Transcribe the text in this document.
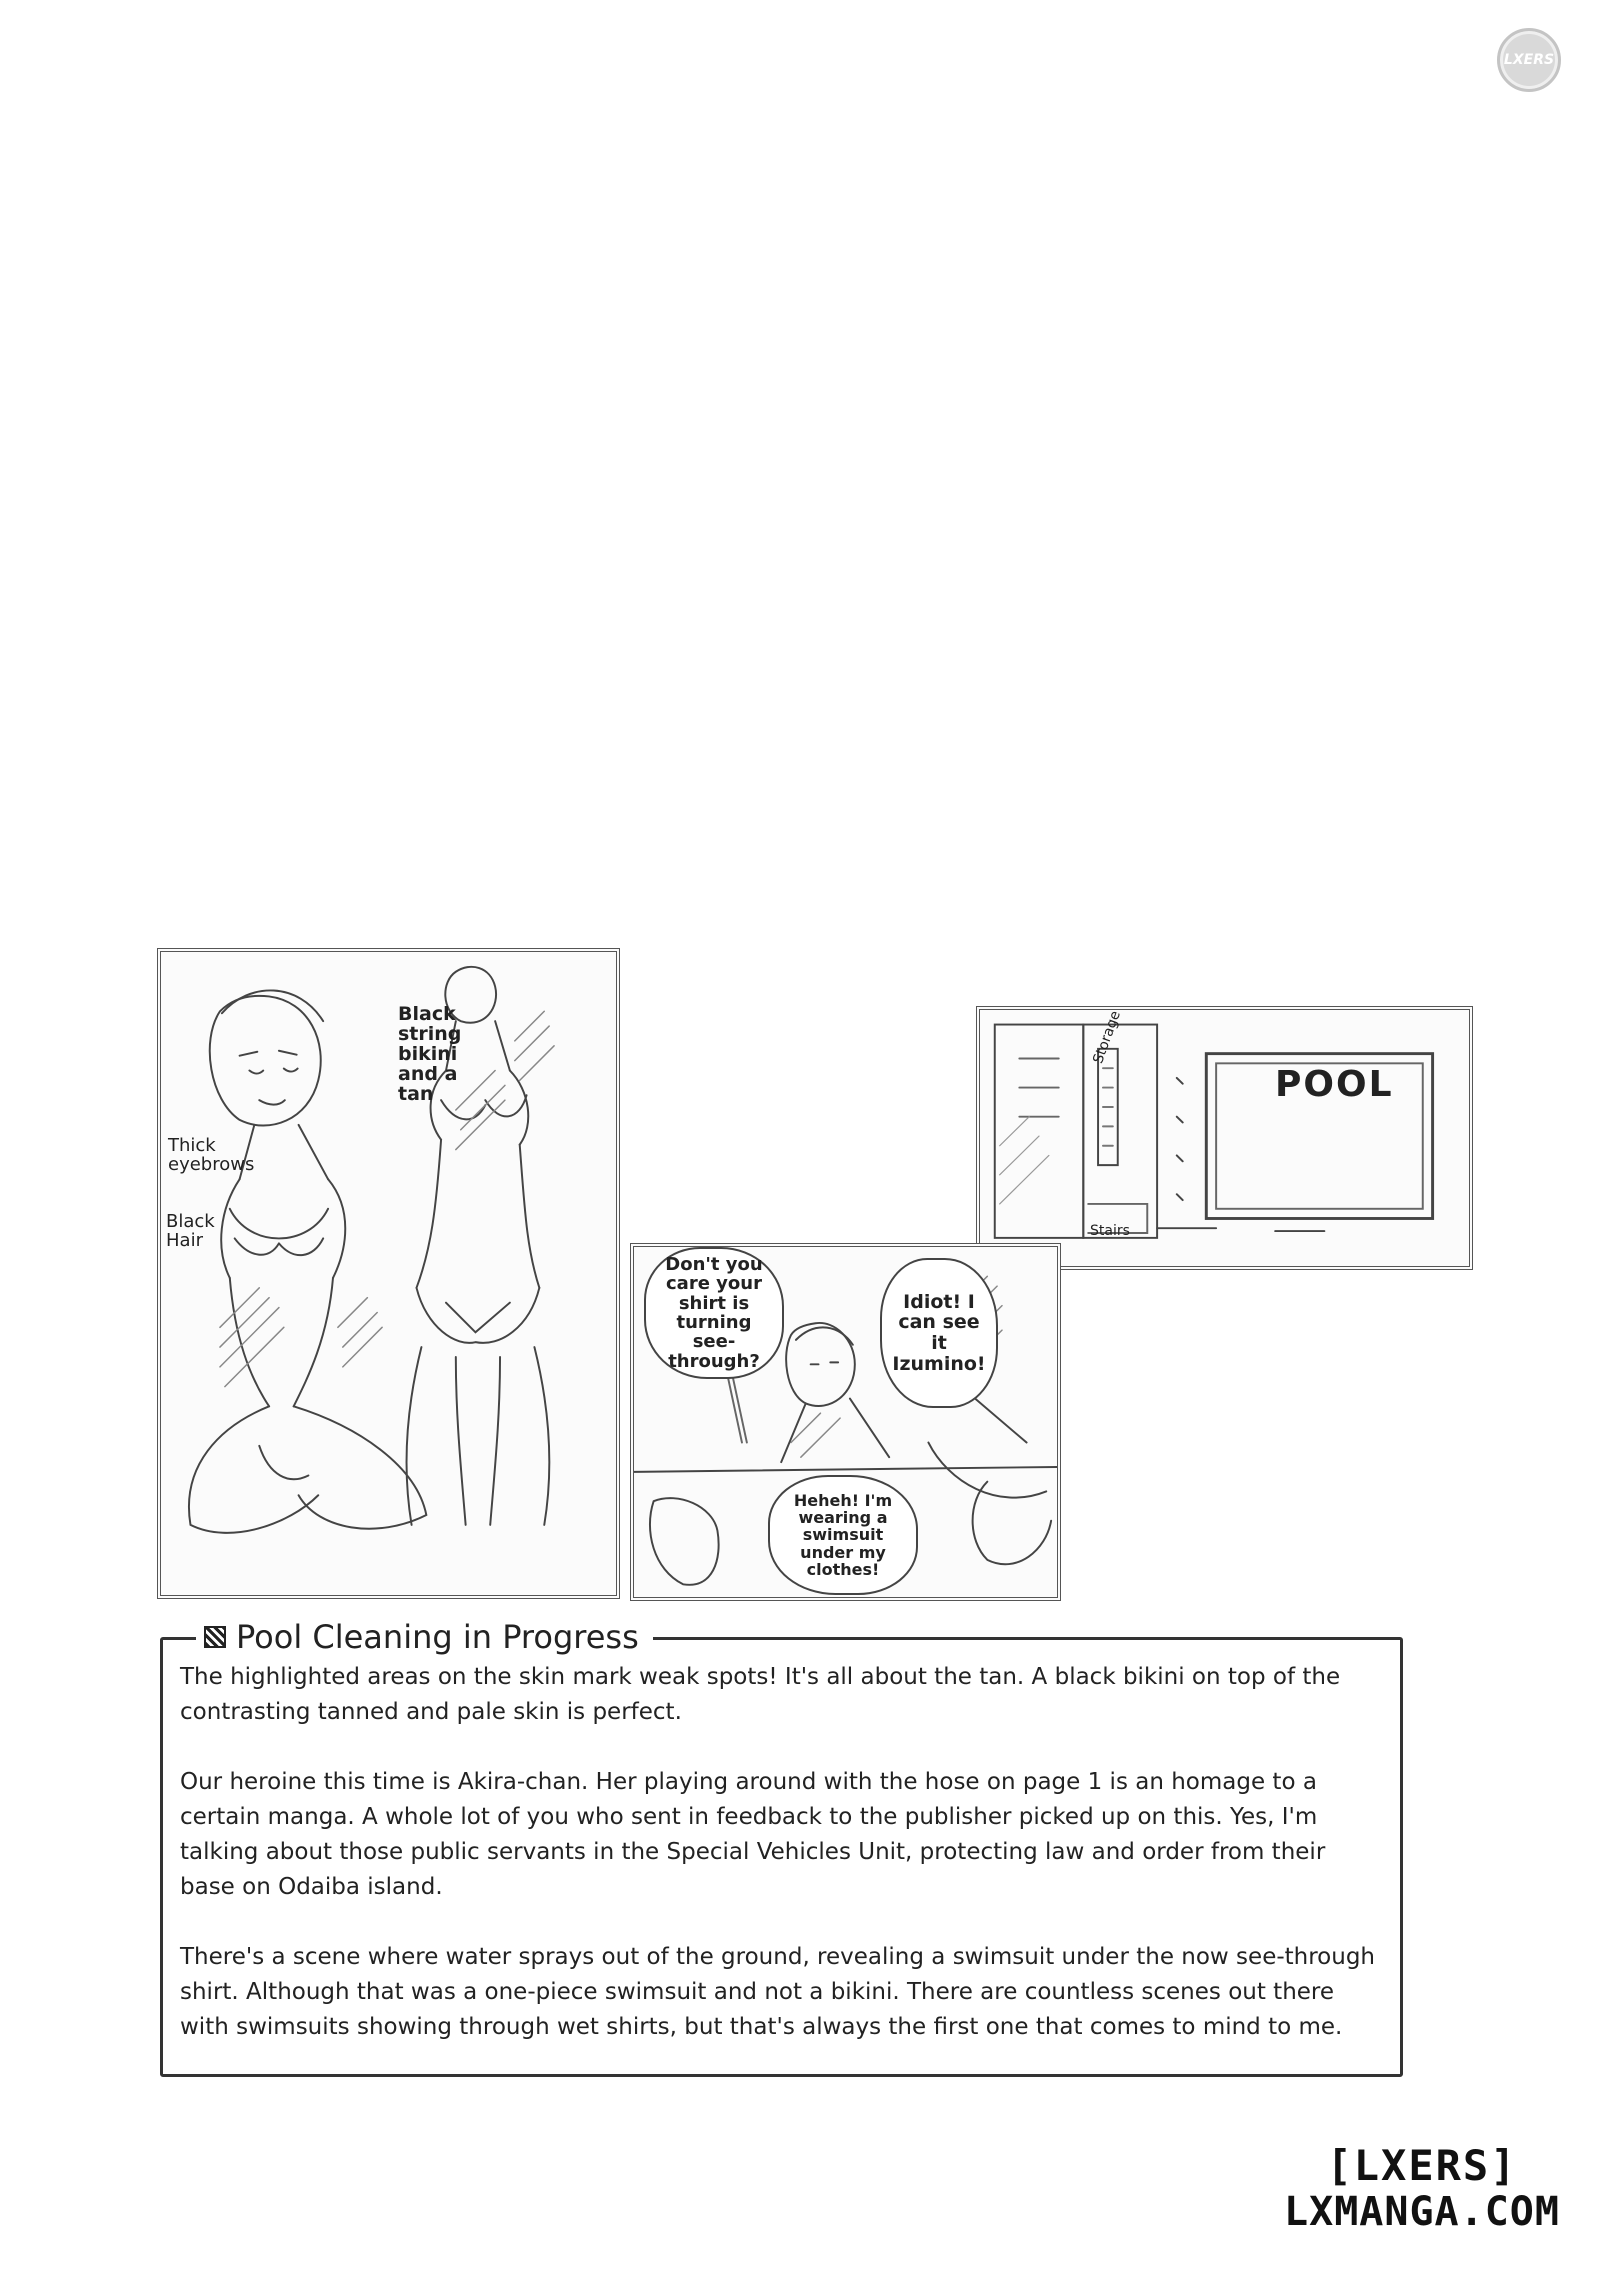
LXERS
Black string bikini and a tan
Thick eyebrows
Black Hair
POOL
Storage
Stairs
Don't you care your shirt is turning see-through?
Idiot! I can see it Izumino!
Heheh! I'm wearing a swimsuit under my clothes!
Pool Cleaning in Progress

The highlighted areas on the skin mark weak spots! It's all about the tan. A black bikini on top of the contrasting tanned and pale skin is perfect.

Our heroine this time is Akira-chan. Her playing around with the hose on page 1 is an homage to a certain manga. A whole lot of you who sent in feedback to the publisher picked up on this. Yes, I'm talking about those public servants in the Special Vehicles Unit, protecting law and order from their base on Odaiba island.

There's a scene where water sprays out of the ground, revealing a swimsuit under the now see-through shirt. Although that was a one-piece swimsuit and not a bikini. There are countless scenes out there with swimsuits showing through wet shirts, but that's always the first one that comes to mind to me.

[LXERS]
LXMANGA.COM
